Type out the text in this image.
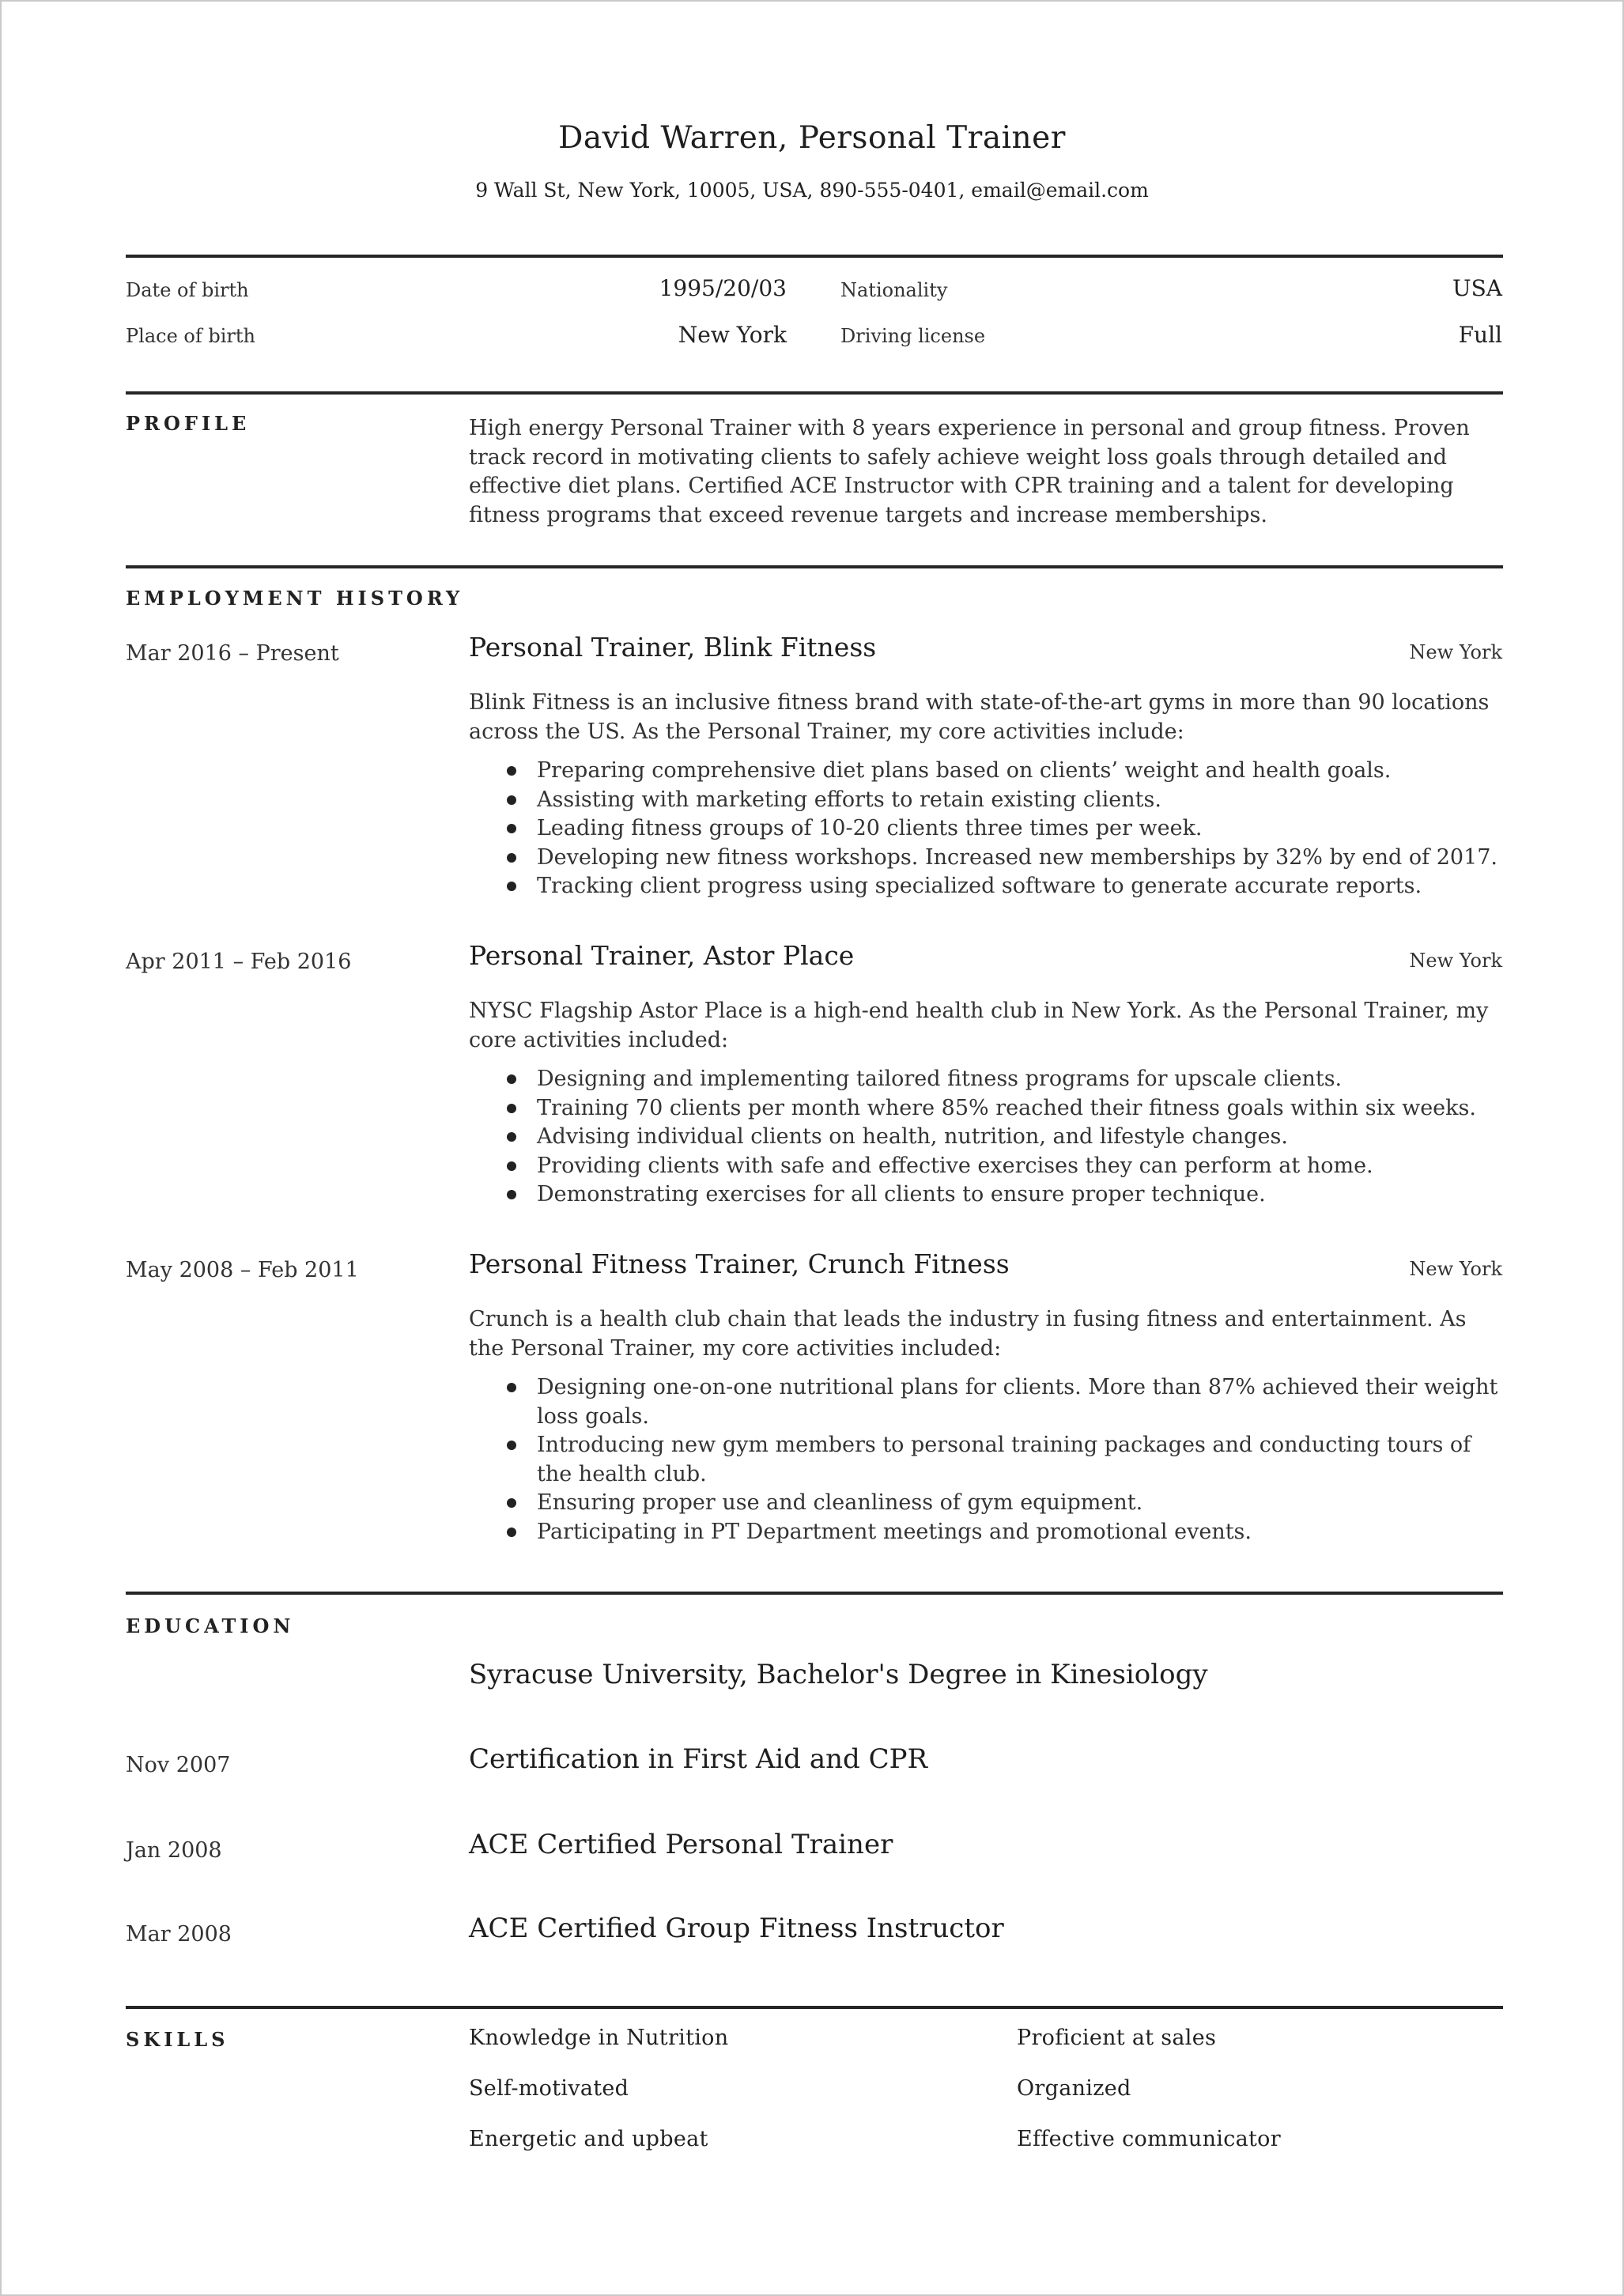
David Warren, Personal Trainer
9 Wall St, New York, 10005, USA, 890-555-0401, email@email.com
Date of birth	1995/20/03	Nationality	USA
Place of birth	New York	Driving license	Full
PROFILE	High energy Personal Trainer with 8 years experience in personal and group fitness. Proven track record in motivating clients to safely achieve weight loss goals through detailed and effective diet plans. Certified ACE Instructor with CPR training and a talent for developing fitness programs that exceed revenue targets and increase memberships.
EMPLOYMENT HISTORY
Mar 2016 – Present	Personal Trainer, Blink Fitness	New York
Blink Fitness is an inclusive fitness brand with state-of-the-art gyms in more than 90 locations across the US. As the Personal Trainer, my core activities include:
Preparing comprehensive diet plans based on clients’ weight and health goals.
Assisting with marketing efforts to retain existing clients.
Leading fitness groups of 10-20 clients three times per week.
Developing new fitness workshops. Increased new memberships by 32% by end of 2017.
Tracking client progress using specialized software to generate accurate reports.
Apr 2011 – Feb 2016	Personal Trainer, Astor Place	New York
NYSC Flagship Astor Place is a high-end health club in New York. As the Personal Trainer, my core activities included:
Designing and implementing tailored fitness programs for upscale clients.
Training 70 clients per month where 85% reached their fitness goals within six weeks.
Advising individual clients on health, nutrition, and lifestyle changes.
Providing clients with safe and effective exercises they can perform at home.
Demonstrating exercises for all clients to ensure proper technique.
May 2008 – Feb 2011	Personal Fitness Trainer, Crunch Fitness	New York
Crunch is a health club chain that leads the industry in fusing fitness and entertainment. As the Personal Trainer, my core activities included:
Designing one-on-one nutritional plans for clients. More than 87% achieved their weight loss goals.
Introducing new gym members to personal training packages and conducting tours of the health club.
Ensuring proper use and cleanliness of gym equipment.
Participating in PT Department meetings and promotional events.
EDUCATION
Syracuse University, Bachelor's Degree in Kinesiology
Nov 2007	Certification in First Aid and CPR
Jan 2008	ACE Certified Personal Trainer
Mar 2008	ACE Certified Group Fitness Instructor
SKILLS	Knowledge in Nutrition	Proficient at sales
Self-motivated	Organized
Energetic and upbeat	Effective communicator
